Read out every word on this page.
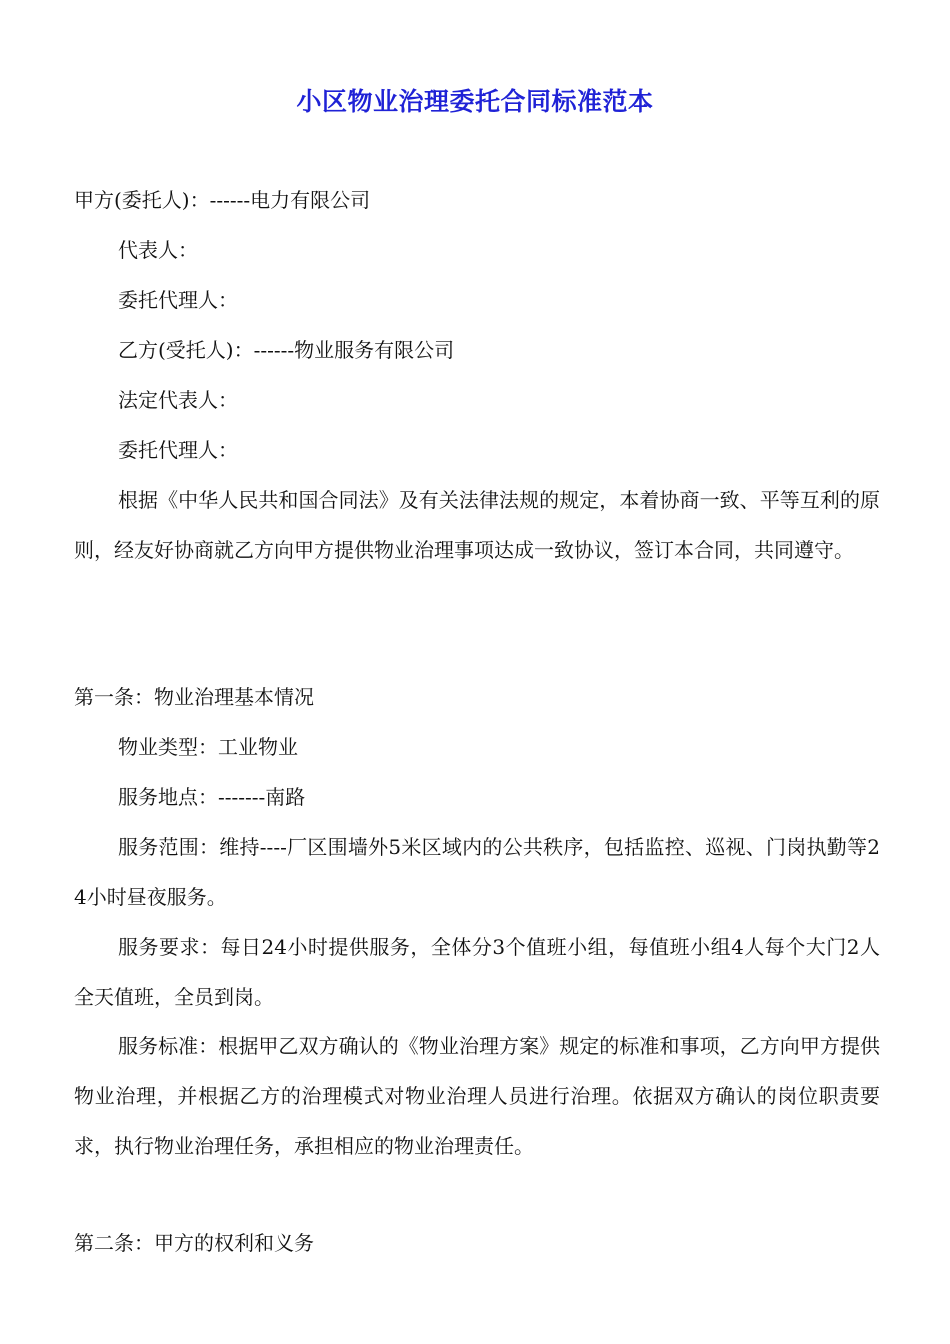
小区物业治理委托合同标准范本

甲方(委托人)：------电力有限公司

代表人：

委托代理人：

乙方(受托人)：------物业服务有限公司

法定代表人：

委托代理人：

根据《中华人民共和国合同法》及有关法律法规的规定，本着协商一致、平等互利的原则，经友好协商就乙方向甲方提供物业治理事项达成一致协议，签订本合同，共同遵守。

第一条：物业治理基本情况

物业类型：工业物业

服务地点：-------南路

服务范围：维持----厂区围墙外5米区域内的公共秩序，包括监控、巡视、门岗执勤等24小时昼夜服务。

服务要求：每日24小时提供服务，全体分3个值班小组，每值班小组4人每个大门2人全天值班，全员到岗。

服务标准：根据甲乙双方确认的《物业治理方案》规定的标准和事项，乙方向甲方提供物业治理，并根据乙方的治理模式对物业治理人员进行治理。依据双方确认的岗位职责要求，执行物业治理任务，承担相应的物业治理责任。

第二条：甲方的权利和义务
